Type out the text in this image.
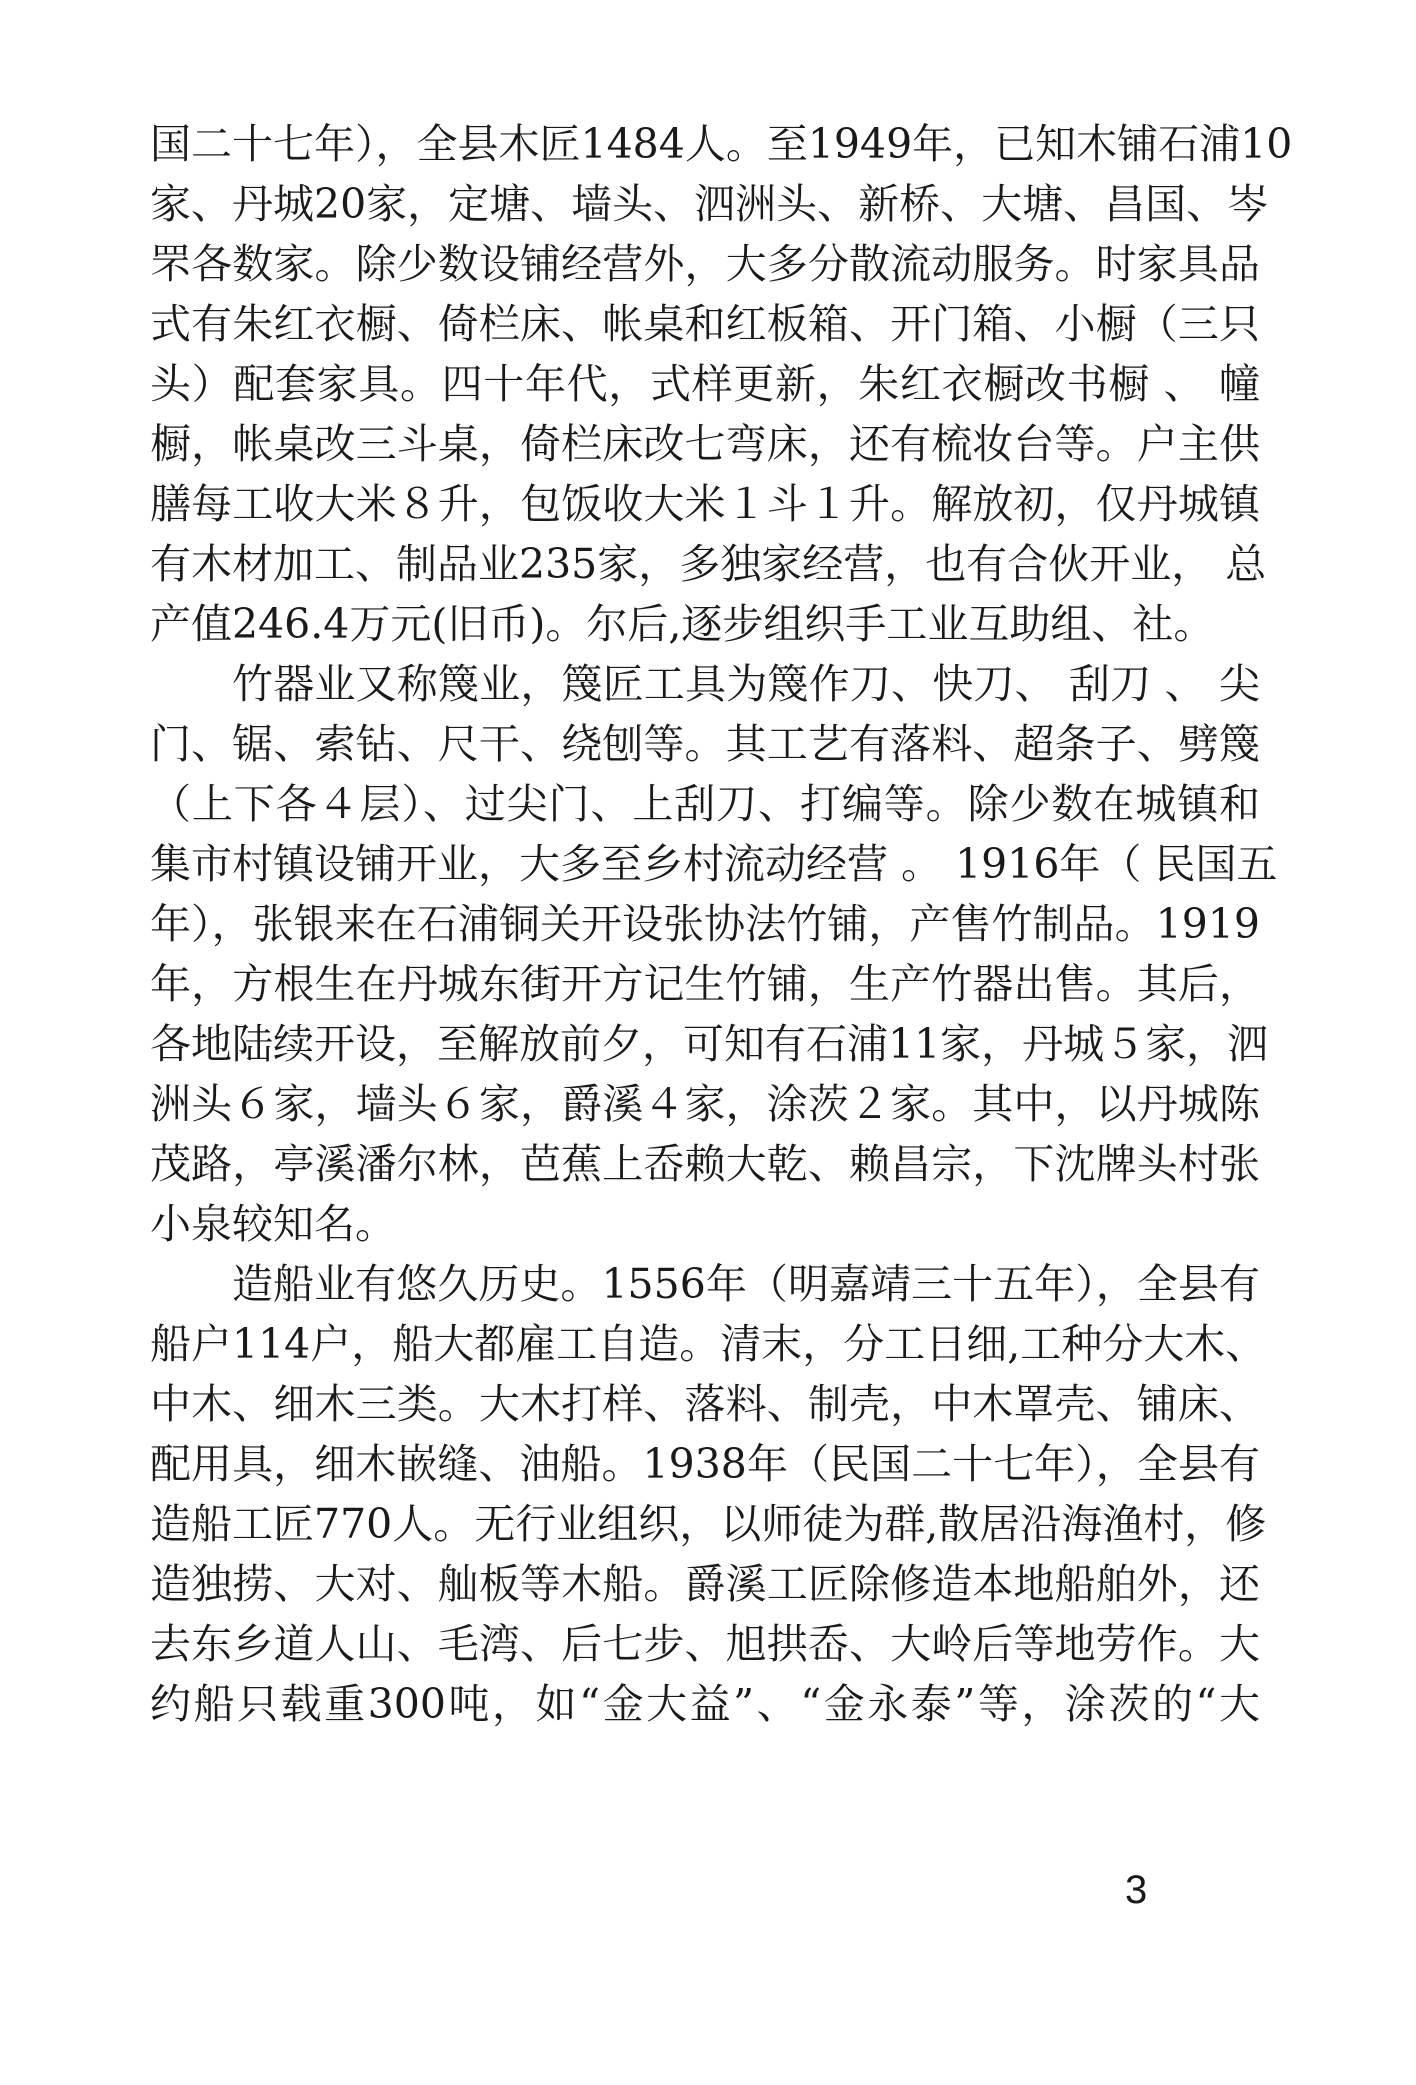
国二十七年），全县木匠1484人。至1949年，已知木铺石浦10
家、丹城20家，定塘、墙头、泗洲头、新桥、大塘、昌国、岑
罘各数家。除少数设铺经营外，大多分散流动服务。时家具品
式有朱红衣橱、倚栏床、帐桌和红板箱、开门箱、小橱（三只
头）配套家具。四十年代，式样更新，朱红衣橱改书橱 、 幢
橱，帐桌改三斗桌，倚栏床改七弯床，还有梳妆台等。户主供
膳每工收大米８升，包饭收大米１斗１升。解放初，仅丹城镇
有木材加工、制品业235家，多独家经营，也有合伙开业， 总
产值246.4万元(旧币)。尔后,逐步组织手工业互助组、社。
竹器业又称篾业，篾匠工具为篾作刀、快刀、 刮刀 、 尖
门、锯、索钻、尺干、绕刨等。其工艺有落料、超条子、劈篾
（上下各４层）、过尖门、上刮刀、打编等。除少数在城镇和
集市村镇设铺开业，大多至乡村流动经营 。 1916年（ 民国五
年），张银来在石浦铜关开设张协法竹铺，产售竹制品。1919
年，方根生在丹城东街开方记生竹铺，生产竹器出售。其后，
各地陆续开设，至解放前夕，可知有石浦11家，丹城５家，泗
洲头６家，墙头６家，爵溪４家，涂茨２家。其中，以丹城陈
茂路，亭溪潘尔林，芭蕉上岙赖大乾、赖昌宗，下沈牌头村张
小泉较知名。
造船业有悠久历史。1556年（明嘉靖三十五年），全县有
船户114户，船大都雇工自造。清末，分工日细,工种分大木、
中木、细木三类。大木打样、落料、制壳，中木罩壳、铺床、
配用具，细木嵌缝、油船。1938年（民国二十七年），全县有
造船工匠770人。无行业组织，以师徒为群,散居沿海渔村，修
造独捞、大对、舢板等木船。爵溪工匠除修造本地船舶外，还
去东乡道人山、毛湾、后七步、旭拱岙、大岭后等地劳作。大
约船只载重300吨，如“金大益”、“金永泰”等，涂茨的“大
3
